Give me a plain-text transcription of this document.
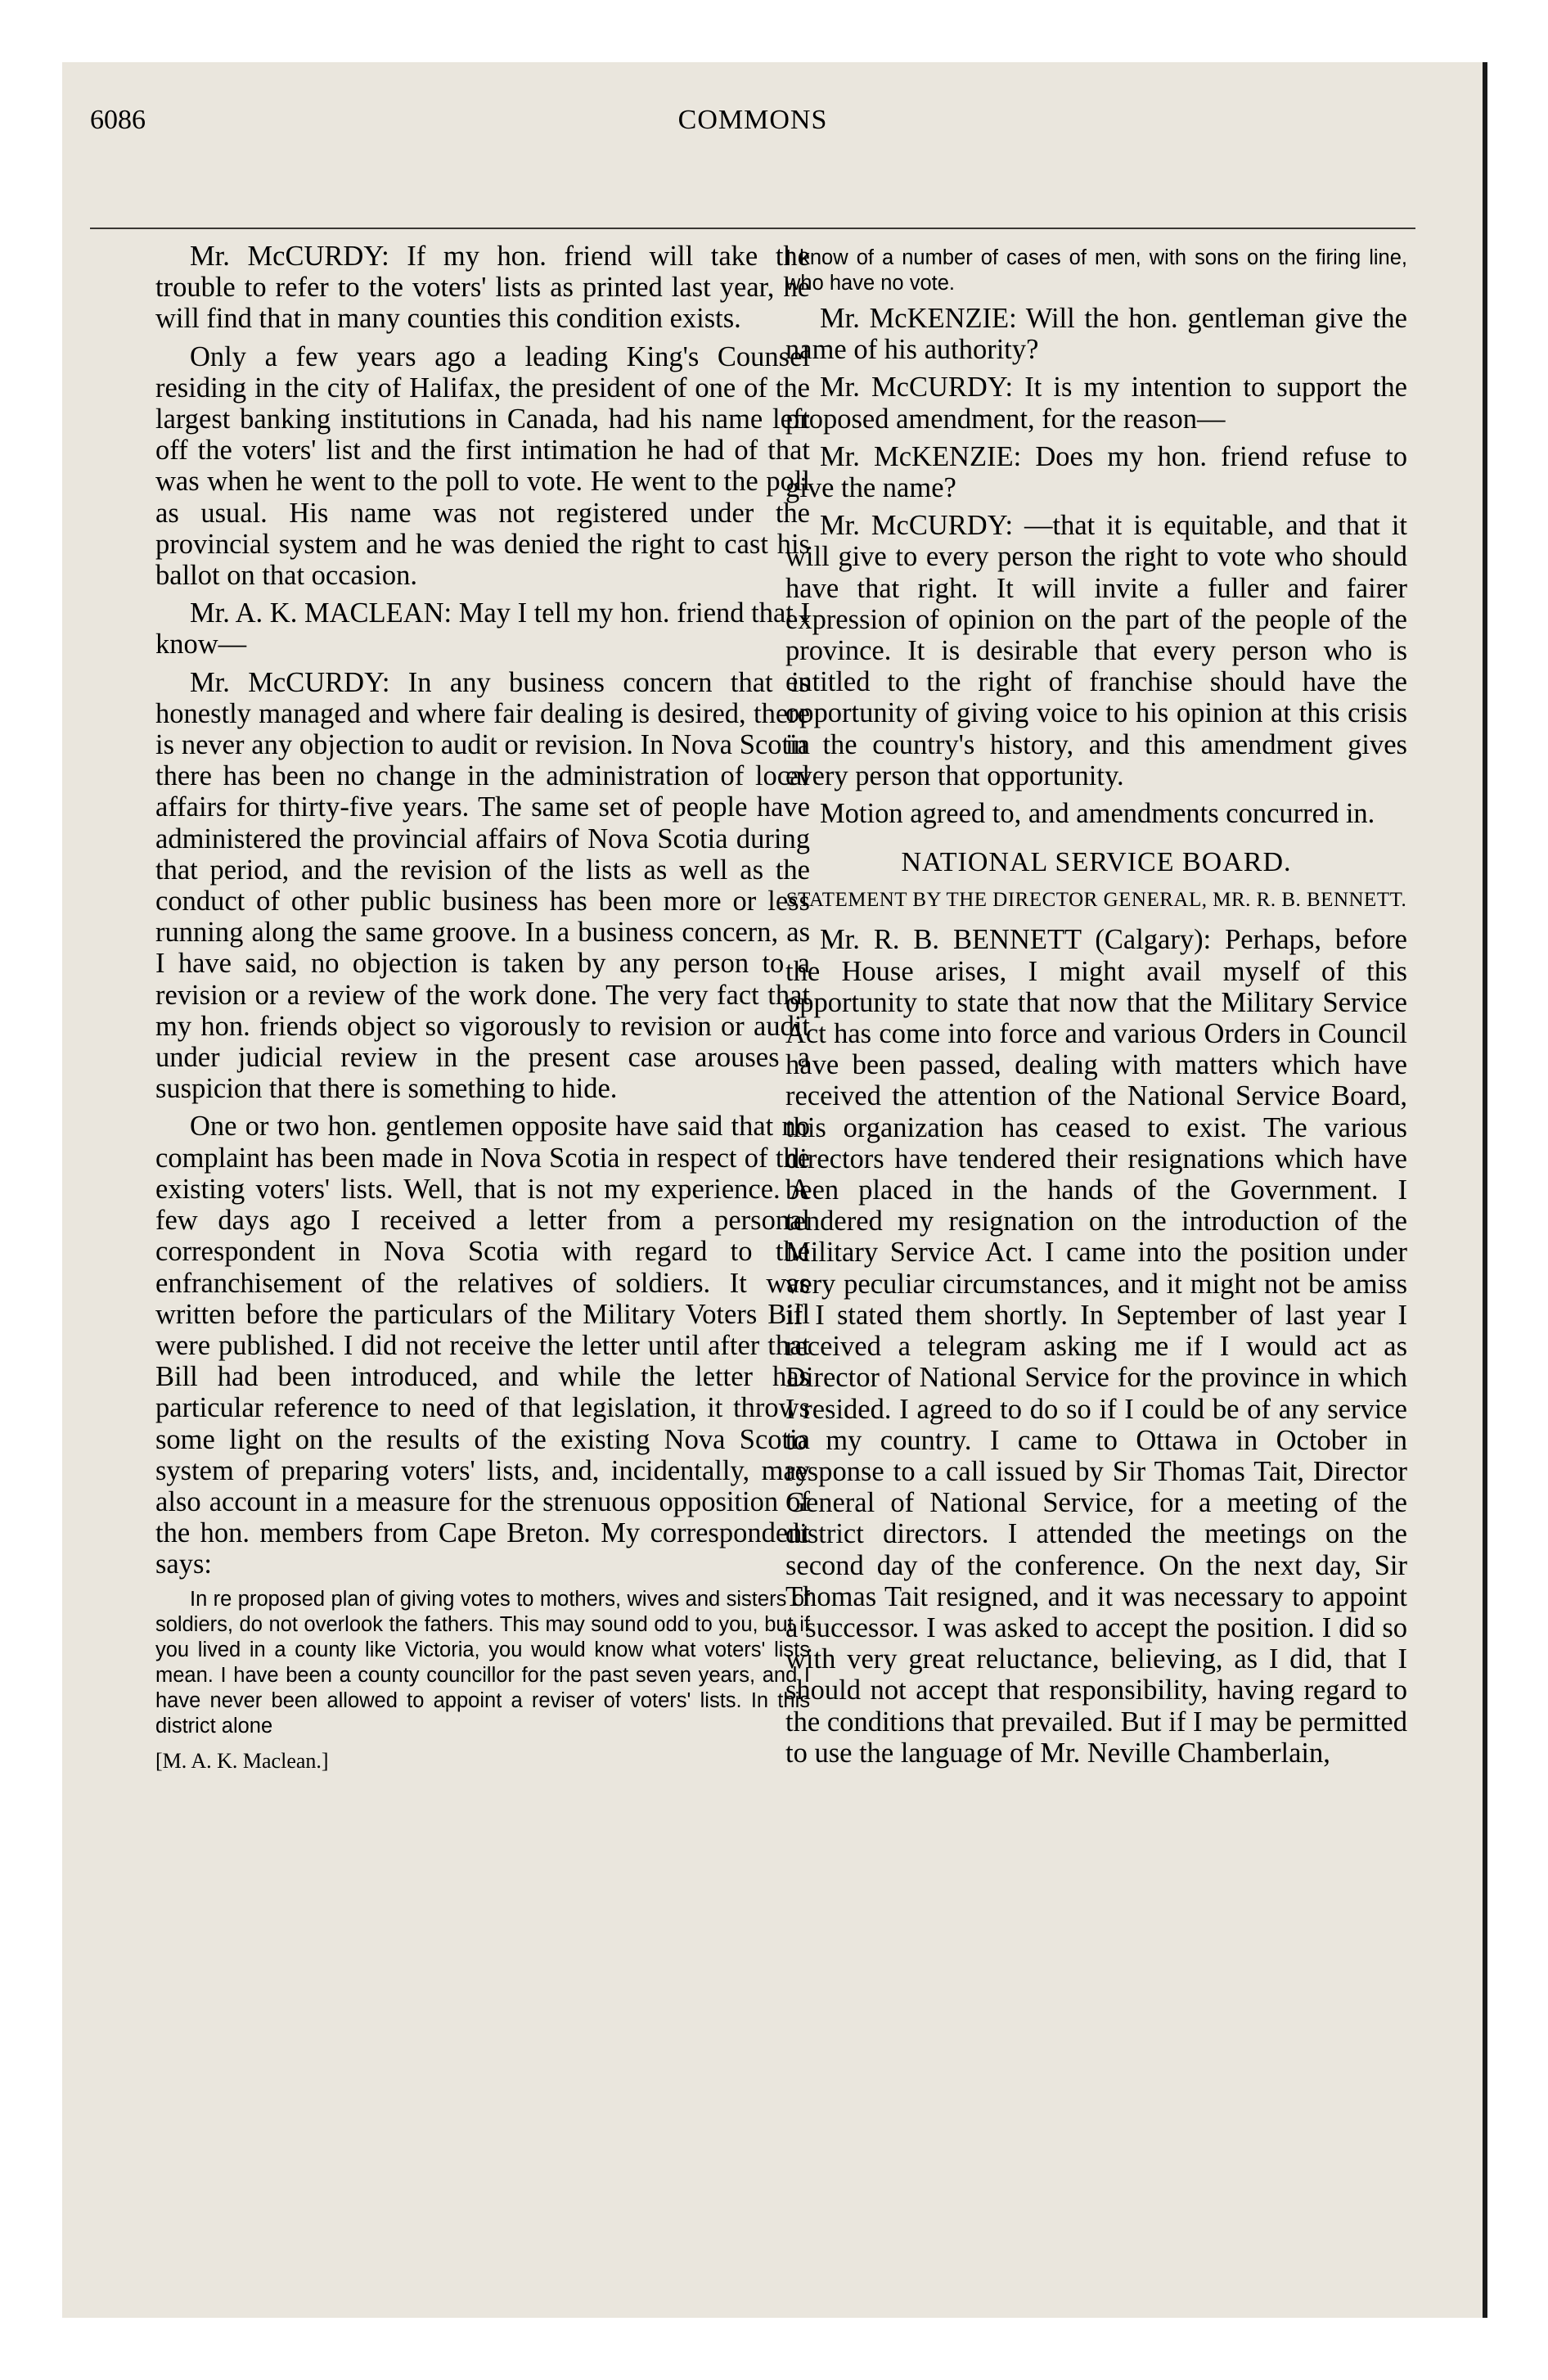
6086	COMMONS

Mr. McCURDY: If my hon. friend will take the trouble to refer to the voters' lists as printed last year, he will find that in many counties this condition exists.

Only a few years ago a leading King's Counsel residing in the city of Halifax, the president of one of the largest banking institutions in Canada, had his name left off the voters' list and the first intimation he had of that was when he went to the poll to vote. He went to the poll as usual. His name was not registered under the provincial system and he was denied the right to cast his ballot on that occasion.

Mr. A. K. MACLEAN: May I tell my hon. friend that I know—

Mr. McCURDY: In any business concern that is honestly managed and where fair dealing is desired, there is never any objection to audit or revision. In Nova Scotia there has been no change in the administration of local affairs for thirty-five years. The same set of people have administered the provincial affairs of Nova Scotia during that period, and the revision of the lists as well as the conduct of other public business has been more or less running along the same groove. In a business concern, as I have said, no objection is taken by any person to a revision or a review of the work done. The very fact that my hon. friends object so vigorously to revision or audit under judicial review in the present case arouses a suspicion that there is something to hide.

One or two hon. gentlemen opposite have said that no complaint has been made in Nova Scotia in respect of the existing voters' lists. Well, that is not my experience. A few days ago I received a letter from a personal correspondent in Nova Scotia with regard to the enfranchisement of the relatives of soldiers. It was written before the particulars of the Military Voters Bill were published. I did not receive the letter until after that Bill had been introduced, and while the letter has particular reference to need of that legislation, it throws some light on the results of the existing Nova Scotia system of preparing voters' lists, and, incidentally, may also account in a measure for the strenuous opposition of the hon. members from Cape Breton. My correspondent says:

In re proposed plan of giving votes to mothers, wives and sisters of soldiers, do not overlook the fathers. This may sound odd to you, but if you lived in a county like Victoria, you would know what voters' lists mean. I have been a county councillor for the past seven years, and I have never been allowed to appoint a reviser of voters' lists. In this district alone

[M. A. K. Maclean.]

I know of a number of cases of men, with sons on the firing line, who have no vote.

Mr. McKENZIE: Will the hon. gentleman give the name of his authority?

Mr. McCURDY: It is my intention to support the proposed amendment, for the reason—

Mr. McKENZIE: Does my hon. friend refuse to give the name?

Mr. McCURDY: —that it is equitable, and that it will give to every person the right to vote who should have that right. It will invite a fuller and fairer expression of opinion on the part of the people of the province. It is desirable that every person who is entitled to the right of franchise should have the opportunity of giving voice to his opinion at this crisis in the country's history, and this amendment gives every person that opportunity.

Motion agreed to, and amendments concurred in.

NATIONAL SERVICE BOARD.
STATEMENT BY THE DIRECTOR GENERAL, MR. R. B. BENNETT.

Mr. R. B. BENNETT (Calgary): Perhaps, before the House arises, I might avail myself of this opportunity to state that now that the Military Service Act has come into force and various Orders in Council have been passed, dealing with matters which have received the attention of the National Service Board, this organization has ceased to exist. The various directors have tendered their resignations which have been placed in the hands of the Government. I tendered my resignation on the introduction of the Military Service Act. I came into the position under very peculiar circumstances, and it might not be amiss if I stated them shortly. In September of last year I received a telegram asking me if I would act as Director of National Service for the province in which I resided. I agreed to do so if I could be of any service to my country. I came to Ottawa in October in response to a call issued by Sir Thomas Tait, Director General of National Service, for a meeting of the district directors. I attended the meetings on the second day of the conference. On the next day, Sir Thomas Tait resigned, and it was necessary to appoint a successor. I was asked to accept the position. I did so with very great reluctance, believing, as I did, that I should not accept that responsibility, having regard to the conditions that prevailed. But if I may be permitted to use the language of Mr. Neville Chamberlain,
